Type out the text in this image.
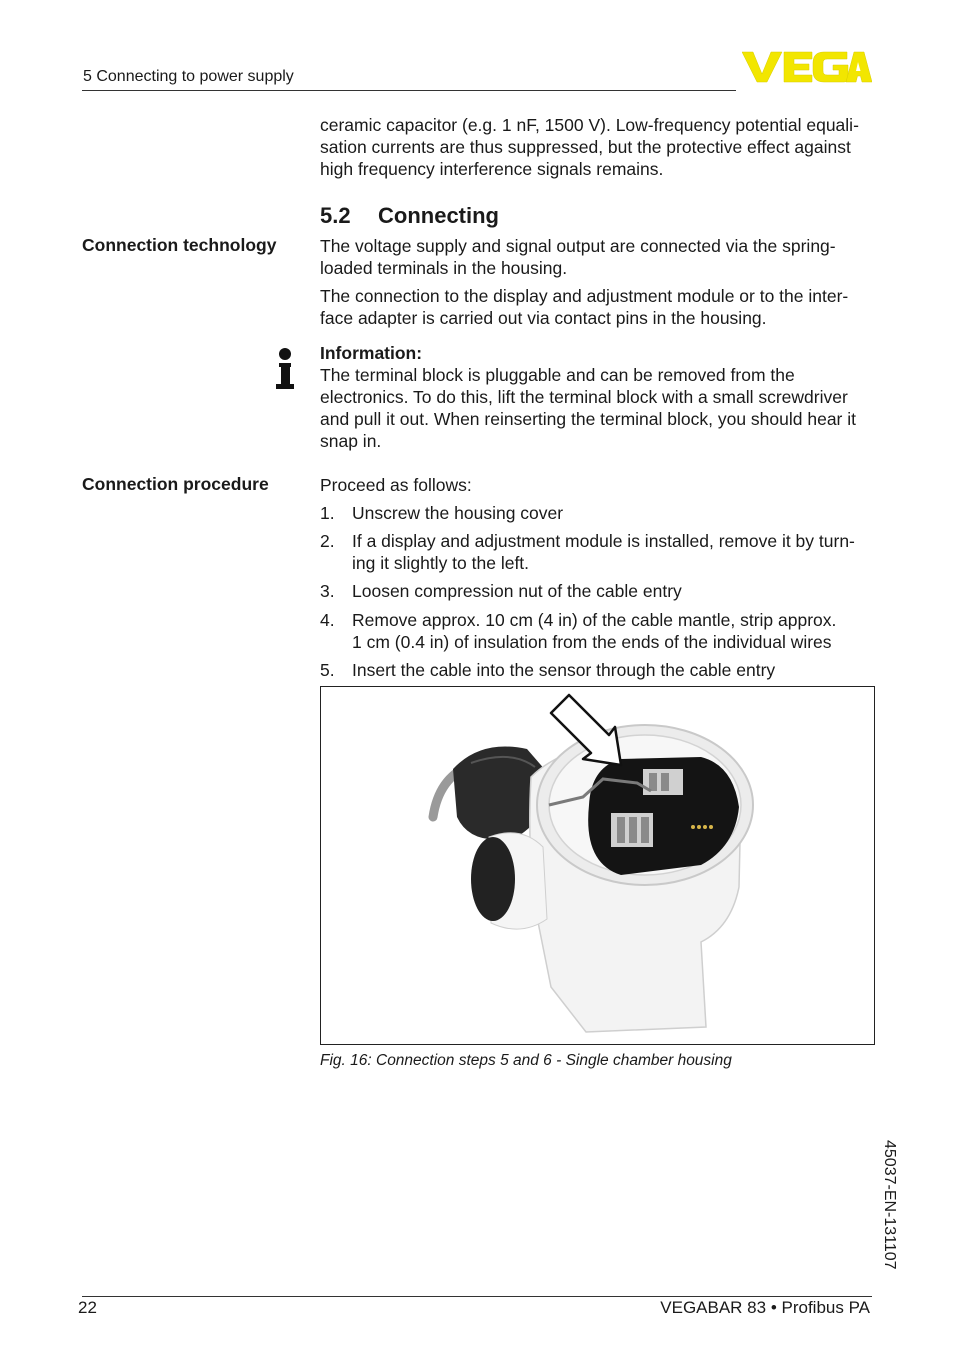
5 Connecting to power supply

ceramic capacitor (e.g. 1 nF, 1500 V). Low-frequency potential equali-

sation currents are thus suppressed, but the protective effect against

high frequency interference signals remains.

5.2 Connecting
Connection technology The voltage supply and signal output are connected via the spring-

loaded terminals in the housing.

The connection to the display and adjustment module or to the inter-

face adapter is carried out via contact pins in the housing.

Information:

The terminal block is pluggable and can be removed from the

electronics. To do this, lift the terminal block with a small screwdriver

and pull it out. When reinserting the terminal block, you should hear it

snap in.

Connection procedure	Proceed as follows:
1. Unscrew the housing cover
2. If a display and adjustment module is installed, remove it by turn-
ing it slightly to the left.
3. Loosen compression nut of the cable entry
4. Remove approx. 10 cm (4 in) of the cable mantle, strip approx.
1 cm (0.4 in) of insulation from the ends of the individual wires
5. Insert the cable into the sensor through the cable entry
Fig. 16: Connection steps 5 and 6 - Single chamber housing
45037-EN-131107
22	VEGABAR 83 • Profibus PA
